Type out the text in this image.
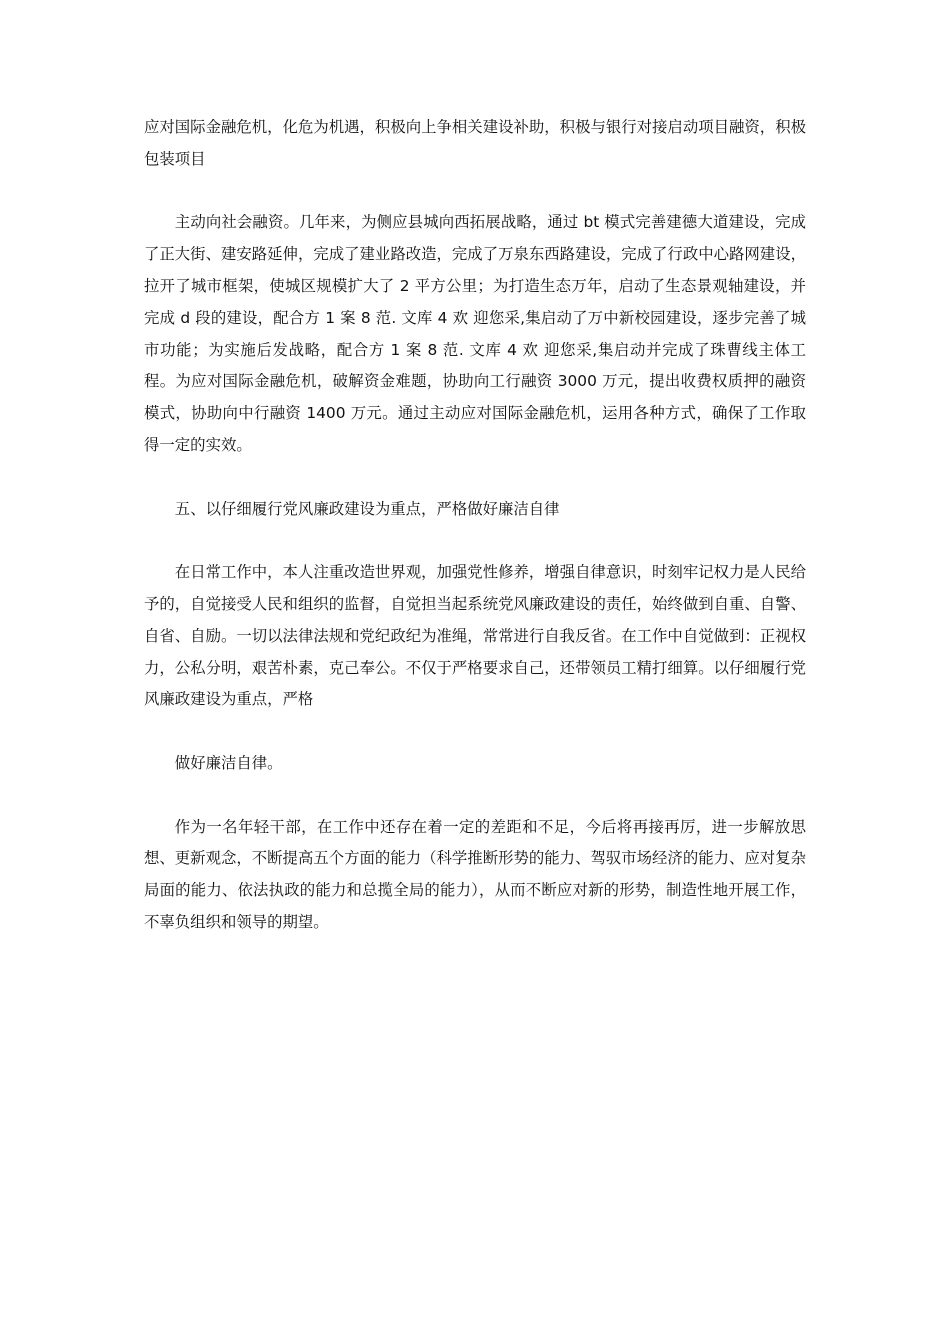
应对国际金融危机，化危为机遇，积极向上争相关建设补助，积极与银行对接启动项目融资，积极包装项目

主动向社会融资。几年来，为侧应县城向西拓展战略，通过 bt 模式完善建德大道建设，完成了正大街、建安路延伸，完成了建业路改造，完成了万泉东西路建设，完成了行政中心路网建设，拉开了城市框架，使城区规模扩大了 2 平方公里；为打造生态万年，启动了生态景观轴建设，并完成 d 段的建设，配合方 1 案 8 范. 文库 4 欢 迎您采,集启动了万中新校园建设，逐步完善了城市功能；为实施后发战略，配合方 1 案 8 范. 文库 4 欢 迎您采,集启动并完成了珠曹线主体工程。为应对国际金融危机，破解资金难题，协助向工行融资 3000 万元，提出收费权质押的融资模式，协助向中行融资 1400 万元。通过主动应对国际金融危机，运用各种方式，确保了工作取得一定的实效。

五、以仔细履行党风廉政建设为重点，严格做好廉洁自律

在日常工作中，本人注重改造世界观，加强党性修养，增强自律意识，时刻牢记权力是人民给予的，自觉接受人民和组织的监督，自觉担当起系统党风廉政建设的责任，始终做到自重、自警、自省、自励。一切以法律法规和党纪政纪为准绳，常常进行自我反省。在工作中自觉做到：正视权力，公私分明，艰苦朴素，克己奉公。不仅于严格要求自己，还带领员工精打细算。以仔细履行党风廉政建设为重点，严格

做好廉洁自律。

作为一名年轻干部，在工作中还存在着一定的差距和不足，今后将再接再厉，进一步解放思想、更新观念，不断提高五个方面的能力（科学推断形势的能力、驾驭市场经济的能力、应对复杂局面的能力、依法执政的能力和总揽全局的能力），从而不断应对新的形势，制造性地开展工作，不辜负组织和领导的期望。
